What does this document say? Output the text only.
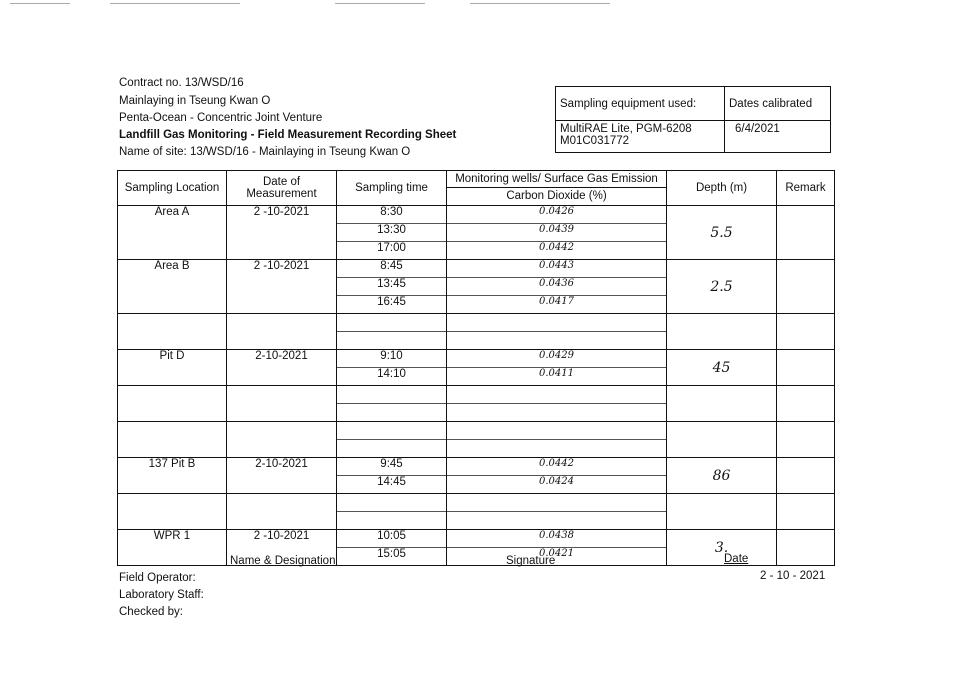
Contract no. 13/WSD/16
Mainlaying in Tseung Kwan O
Penta-Ocean - Concentric Joint Venture
Landfill Gas Monitoring - Field Measurement Recording Sheet
Name of site: 13/WSD/16 - Mainlaying in Tseung Kwan O
Sampling equipment used:	Dates calibrated

MultiRAE Lite, PGM-6208
M01C031772	6/4/2021
Sampling Location	Date of Measurement	Sampling time	Monitoring wells/ Surface Gas Emission
Carbon Dioxide (%)	Depth (m)	Remark
Area A	2 -10-2021	8:30	0.0426	5.5	
		13:30	0.0439		
		17:00	0.0442		
Area B	2 -10-2021	8:45	0.0443	2.5	
		13:45	0.0436		
		16:45	0.0417		

Pit D	2-10-2021	9:10	0.0429	45	
		14:10	0.0411		

137 Pit B	2-10-2021	9:45	0.0442	86	
		14:45	0.0424		

WPR 1	2 -10-2021	10:05	0.0438	3.	
		15:05	0.0421		
Name & Designation	Signature	Date
Field Operator:
Laboratory Staff:
Checked by:
2 - 10 - 2021
